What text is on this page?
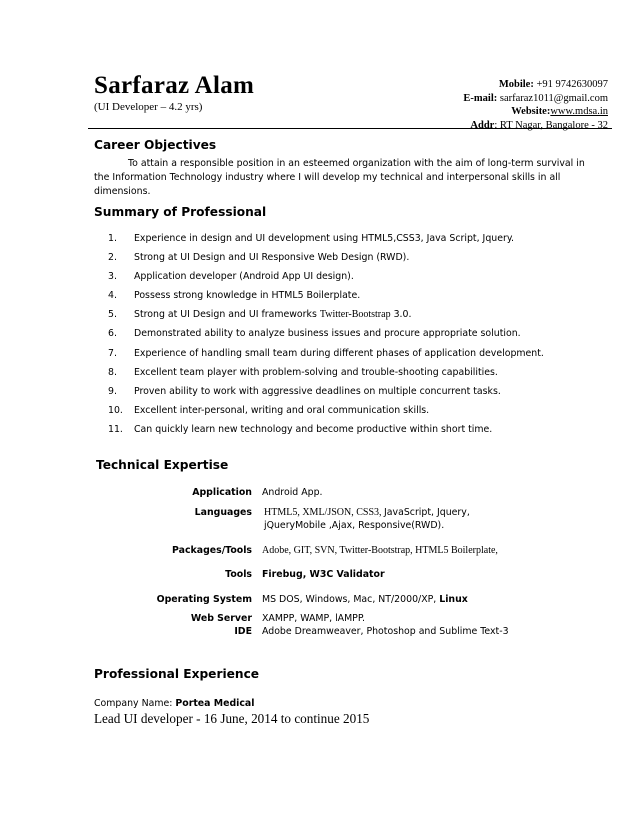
Sarfaraz Alam
(UI Developer – 4.2 yrs)
Mobile: +91 9742630097
E-mail: sarfaraz1011@gmail.com
Website:www.mdsa.in
Addr: RT Nagar, Bangalore - 32
Career Objectives
To attain a responsible position in an esteemed organization with the aim of long-term survival in the Information Technology industry where I will develop my technical and interpersonal skills in all dimensions.
Summary of Professional
1. Experience in design and UI development using HTML5,CSS3, Java Script, Jquery.
2. Strong at UI Design and UI Responsive Web Design (RWD).
3. Application developer (Android App UI design).
4. Possess strong knowledge in HTML5 Boilerplate.
5. Strong at UI Design and UI frameworks Twitter-Bootstrap 3.0.
6. Demonstrated ability to analyze business issues and procure appropriate solution.
7. Experience of handling small team during different phases of application development.
8. Excellent team player with problem-solving and trouble-shooting capabilities.
9. Proven ability to work with aggressive deadlines on multiple concurrent tasks.
10. Excellent inter-personal, writing and oral communication skills.
11. Can quickly learn new technology and become productive within short time.
Technical Expertise
Application Android App.
Languages HTML5, XML/JSON, CSS3, JavaScript, Jquery,
jQueryMobile ,Ajax, Responsive(RWD).
Packages/Tools Adobe, GIT, SVN, Twitter-Bootstrap, HTML5 Boilerplate,
Tools Firebug, W3C Validator
Operating System MS DOS, Windows, Mac, NT/2000/XP, Linux
Web Server XAMPP, WAMP, lAMPP.
IDE Adobe Dreamweaver, Photoshop and Sublime Text-3
Professional Experience
Company Name: Portea Medical
Lead UI developer - 16 June, 2014 to continue 2015
